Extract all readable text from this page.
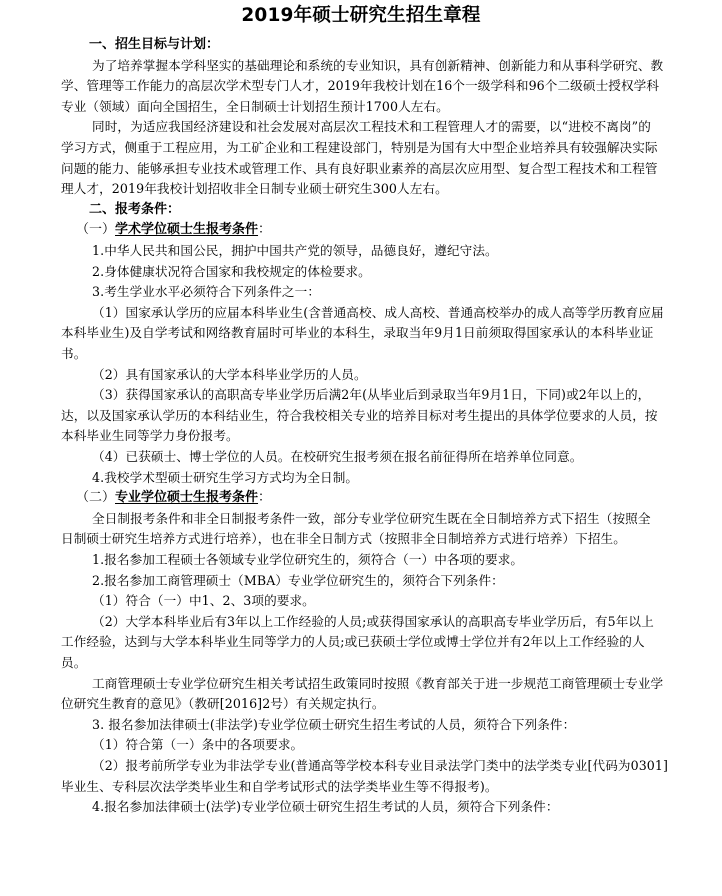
2019年硕士研究生招生章程
一、招生目标与计划：
为了培养掌握本学科坚实的基础理论和系统的专业知识，具有创新精神、创新能力和从事科学研究、教
学、管理等工作能力的高层次学术型专门人才，2019年我校计划在16个一级学科和96个二级硕士授权学科
专业（领域）面向全国招生，全日制硕士计划招生预计1700人左右。
同时，为适应我国经济建设和社会发展对高层次工程技术和工程管理人才的需要，以“进校不离岗”的
学习方式，侧重于工程应用，为工矿企业和工程建设部门，特别是为国有大中型企业培养具有较强解决实际
问题的能力、能够承担专业技术或管理工作、具有良好职业素养的高层次应用型、复合型工程技术和工程管
理人才，2019年我校计划招收非全日制专业硕士研究生300人左右。
二、报考条件：
（一）学术学位硕士生报考条件：
1.中华人民共和国公民，拥护中国共产党的领导，品德良好，遵纪守法。
2.身体健康状况符合国家和我校规定的体检要求。
3.考生学业水平必须符合下列条件之一：
（1）国家承认学历的应届本科毕业生(含普通高校、成人高校、普通高校举办的成人高等学历教育应届
本科毕业生)及自学考试和网络教育届时可毕业的本科生，录取当年9月1日前须取得国家承认的本科毕业证
书。
（2）具有国家承认的大学本科毕业学历的人员。
（3）获得国家承认的高职高专毕业学历后满2年(从毕业后到录取当年9月1日，下同)或2年以上的，
达，以及国家承认学历的本科结业生，符合我校相关专业的培养目标对考生提出的具体学位要求的人员，按
本科毕业生同等学力身份报考。
（4）已获硕士、博士学位的人员。在校研究生报考须在报名前征得所在培养单位同意。
4.我校学术型硕士研究生学习方式均为全日制。
（二）专业学位硕士生报考条件：
全日制报考条件和非全日制报考条件一致，部分专业学位研究生既在全日制培养方式下招生（按照全
日制硕士研究生培养方式进行培养），也在非全日制方式（按照非全日制培养方式进行培养）下招生。
1.报名参加工程硕士各领域专业学位研究生的，须符合（一）中各项的要求。
2.报名参加工商管理硕士（MBA）专业学位研究生的，须符合下列条件：
（1）符合（一）中1、2、3项的要求。
（2）大学本科毕业后有3年以上工作经验的人员;或获得国家承认的高职高专毕业学历后，有5年以上
工作经验，达到与大学本科毕业生同等学力的人员;或已获硕士学位或博士学位并有2年以上工作经验的人
员。
工商管理硕士专业学位研究生相关考试招生政策同时按照《教育部关于进一步规范工商管理硕士专业学
位研究生教育的意见》（教研[2016]2号）有关规定执行。
3. 报名参加法律硕士(非法学)专业学位硕士研究生招生考试的人员，须符合下列条件：
（1）符合第（一）条中的各项要求。
（2）报考前所学专业为非法学专业(普通高等学校本科专业目录法学门类中的法学类专业[代码为0301]
毕业生、专科层次法学类毕业生和自学考试形式的法学类毕业生等不得报考)。
4.报名参加法律硕士(法学)专业学位硕士研究生招生考试的人员，须符合下列条件：
